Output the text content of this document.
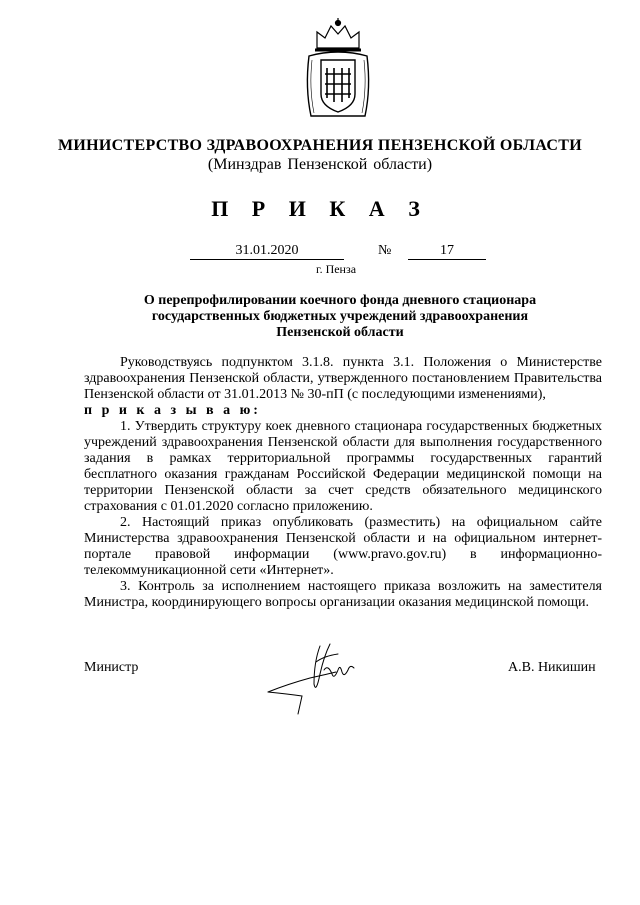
МИНИСТЕРСТВО ЗДРАВООХРАНЕНИЯ ПЕНЗЕНСКОЙ ОБЛАСТИ
(Минздрав Пензенской области)
П Р И К А З
31.01.2020	№	17
г. Пенза
О перепрофилировании коечного фонда дневного стационара государственных бюджетных учреждений здравоохранения Пензенской области

Руководствуясь подпунктом 3.1.8. пункта 3.1. Положения о Министерстве здравоохранения Пензенской области, утвержденного постановлением Правительства Пензенской области от 31.01.2013 № 30-пП (с последующими изменениями),

п р и к а з ы в а ю:

1. Утвердить структуру коек дневного стационара государственных бюджетных учреждений здравоохранения Пензенской области для выполнения государственного задания в рамках территориальной программы государственных гарантий бесплатного оказания гражданам Российской Федерации медицинской помощи на территории Пензенской области за счет средств обязательного медицинского страхования с 01.01.2020 согласно приложению.

2. Настоящий приказ опубликовать (разместить) на официальном сайте Министерства здравоохранения Пензенской области и на официальном интернет-портале правовой информации (www.pravo.gov.ru) в информационно-телекоммуникационной сети «Интернет».

3. Контроль за исполнением настоящего приказа возложить на заместителя Министра, координирующего вопросы организации оказания медицинской помощи.

Министр	А.В. Никишин
